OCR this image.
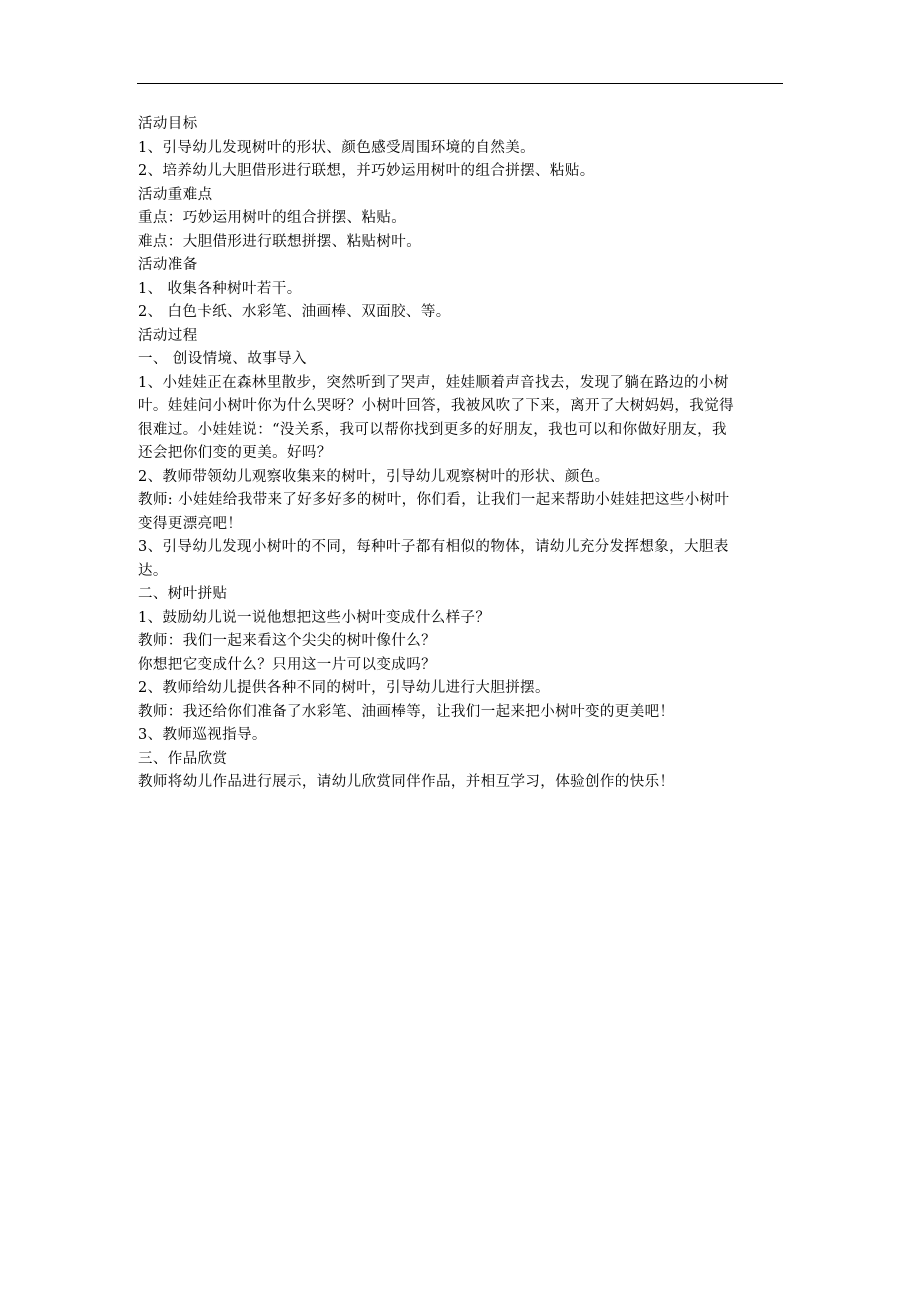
活动目标
1、引导幼儿发现树叶的形状、颜色感受周围环境的自然美。
2、培养幼儿大胆借形进行联想，并巧妙运用树叶的组合拼摆、粘贴。
活动重难点
重点：巧妙运用树叶的组合拼摆、粘贴。
难点：大胆借形进行联想拼摆、粘贴树叶。
活动准备
1、 收集各种树叶若干。
2、 白色卡纸、水彩笔、油画棒、双面胶、等。
活动过程
一、 创设情境、故事导入
1、小娃娃正在森林里散步，突然听到了哭声，娃娃顺着声音找去，发现了躺在路边的小树
叶。娃娃问小树叶你为什么哭呀？小树叶回答，我被风吹了下来，离开了大树妈妈，我觉得
很难过。小娃娃说：“没关系，我可以帮你找到更多的好朋友，我也可以和你做好朋友，我
还会把你们变的更美。好吗？
2、教师带领幼儿观察收集来的树叶，引导幼儿观察树叶的形状、颜色。
教师: 小娃娃给我带来了好多好多的树叶，你们看，让我们一起来帮助小娃娃把这些小树叶
变得更漂亮吧！
3、引导幼儿发现小树叶的不同，每种叶子都有相似的物体，请幼儿充分发挥想象，大胆表
达。
二、树叶拼贴
1、鼓励幼儿说一说他想把这些小树叶变成什么样子？
教师：我们一起来看这个尖尖的树叶像什么？
你想把它变成什么？只用这一片可以变成吗？
2、教师给幼儿提供各种不同的树叶，引导幼儿进行大胆拼摆。
教师：我还给你们准备了水彩笔、油画棒等，让我们一起来把小树叶变的更美吧！
3、教师巡视指导。
三、作品欣赏
教师将幼儿作品进行展示，请幼儿欣赏同伴作品，并相互学习，体验创作的快乐！
